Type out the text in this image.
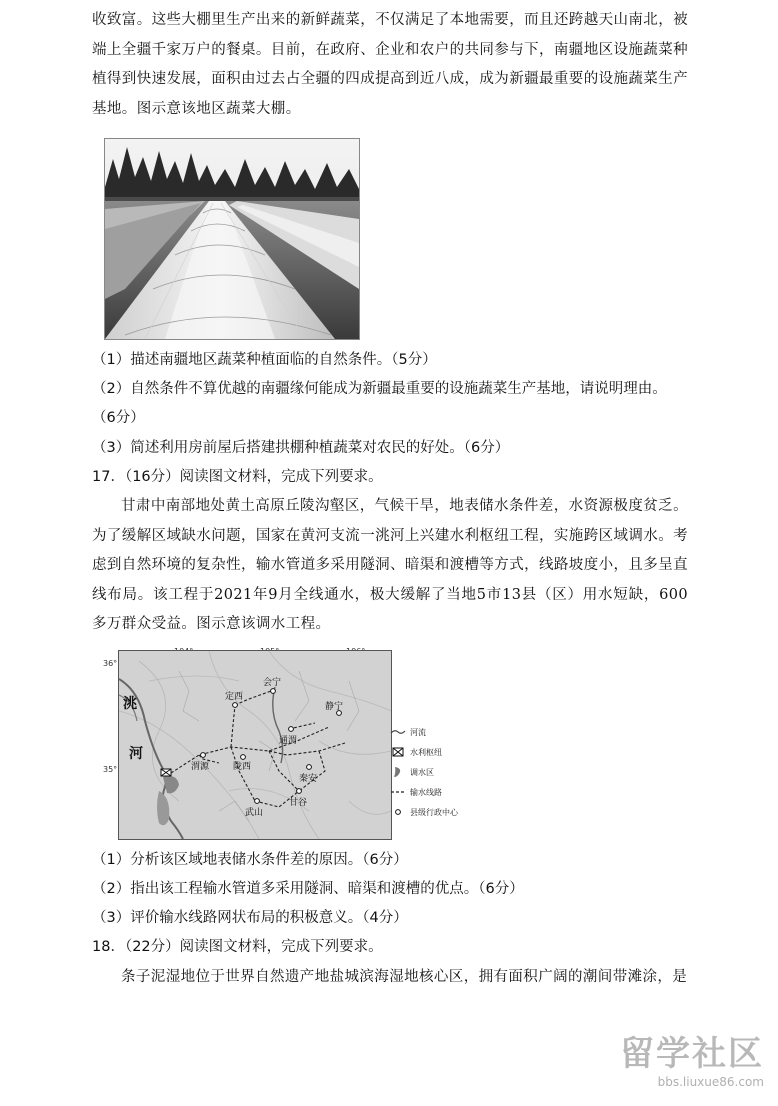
收致富。这些大棚里生产出来的新鲜蔬菜，不仅满足了本地需要，而且还跨越天山南北，被端上全疆千家万户的餐桌。目前，在政府、企业和农户的共同参与下，南疆地区设施蔬菜种植得到快速发展，面积由过去占全疆的四成提高到近八成，成为新疆最重要的设施蔬菜生产基地。图示意该地区蔬菜大棚。

（1）描述南疆地区蔬菜种植面临的自然条件。（5分）

（2）自然条件不算优越的南疆缘何能成为新疆最重要的设施蔬菜生产基地，请说明理由。

（6分）

（3）简述利用房前屋后搭建拱棚种植蔬菜对农民的好处。（6分）

17．（16分）阅读图文材料，完成下列要求。

甘肃中南部地处黄土高原丘陵沟壑区，气候干旱，地表储水条件差，水资源极度贫乏。为了缓解区域缺水问题，国家在黄河支流一洮河上兴建水利枢纽工程，实施跨区域调水。考虑到自然环境的复杂性，输水管道多采用隧洞、暗渠和渡槽等方式，线路坡度小，且多呈直线布局。该工程于2021年9月全线通水，极大缓解了当地5市13县（区）用水短缺，600多万群众受益。图示意该调水工程。

36°
35°
定西
会宁
静宁
通渭
渭源	陇西
秦安
武山
甘谷
洮
河
河流
水利枢纽
调水区
输水线路
县级行政中心

（1）分析该区域地表储水条件差的原因。（6分）

（2）指出该工程输水管道多采用隧洞、暗渠和渡槽的优点。（6分）

（3）评价输水线路网状布局的积极意义。（4分）

18．（22分）阅读图文材料，完成下列要求。

条子泥湿地位于世界自然遗产地盐城滨海湿地核心区，拥有面积广阔的潮间带滩涂，是

留学社区
bbs.liuxue86.com
